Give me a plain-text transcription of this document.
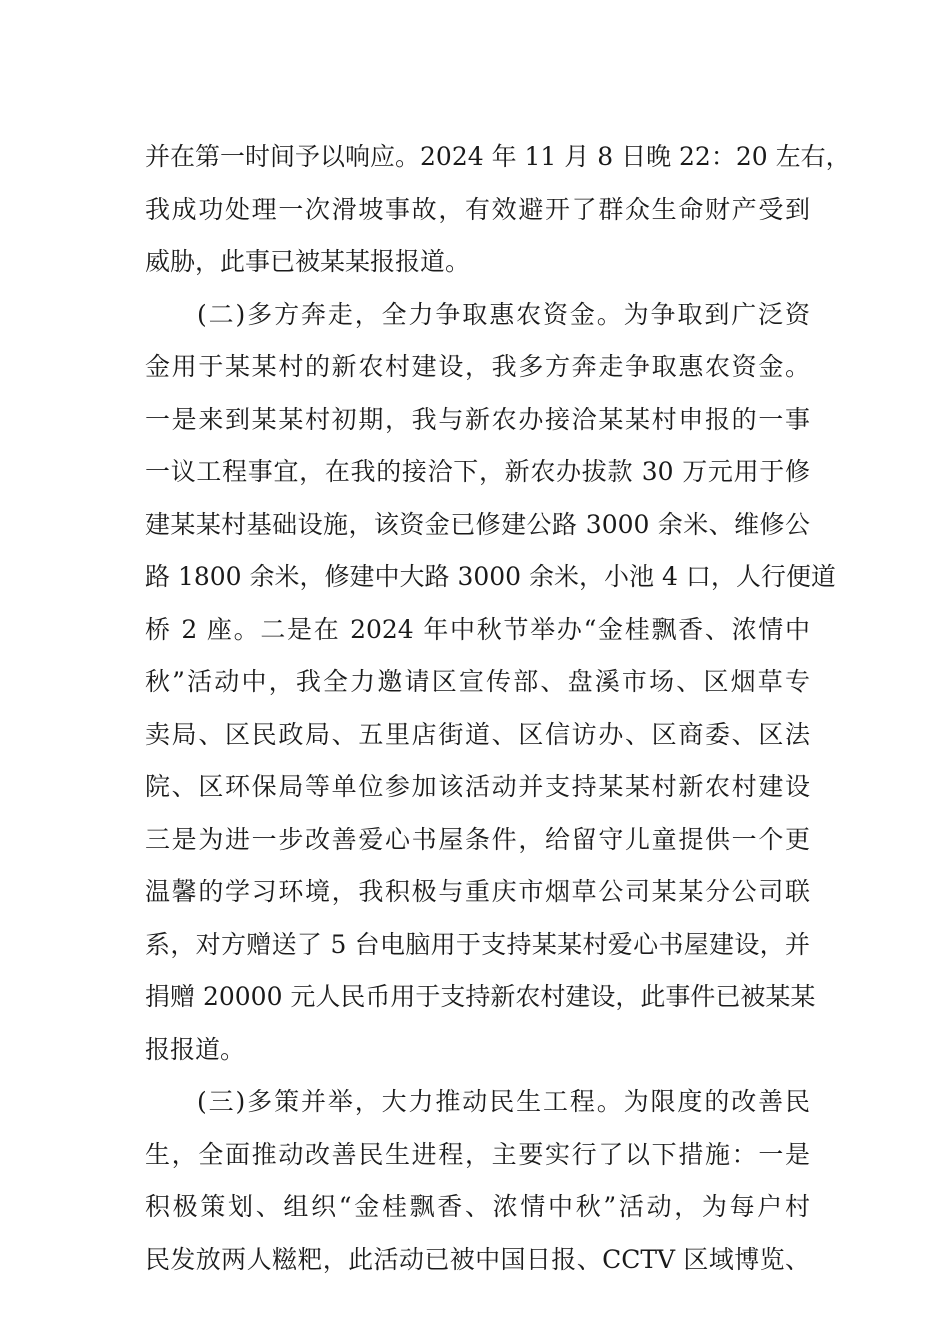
并在第一时间予以响应。2024 年 11 月 8 日晚 22：20 左右，
我成功处理一次滑坡事故，有效避开了群众生命财产受到
威胁，此事已被某某报报道。
(二)多方奔走，全力争取惠农资金。为争取到广泛资
金用于某某村的新农村建设，我多方奔走争取惠农资金。
一是来到某某村初期，我与新农办接洽某某村申报的一事
一议工程事宜，在我的接洽下，新农办拔款 30 万元用于修
建某某村基础设施，该资金已修建公路 3000 余米、维修公
路 1800 余米，修建中大路 3000 余米，小池 4 口，人行便道
桥 2 座。二是在 2024 年中秋节举办“金桂飘香、浓情中
秋”活动中，我全力邀请区宣传部、盘溪市场、区烟草专
卖局、区民政局、五里店街道、区信访办、区商委、区法
院、区环保局等单位参加该活动并支持某某村新农村建设
三是为进一步改善爱心书屋条件，给留守儿童提供一个更
温馨的学习环境，我积极与重庆市烟草公司某某分公司联
系，对方赠送了 5 台电脑用于支持某某村爱心书屋建设，并
捐赠 20000 元人民币用于支持新农村建设，此事件已被某某
报报道。
(三)多策并举，大力推动民生工程。为限度的改善民
生，全面推动改善民生进程，主要实行了以下措施：一是
积极策划、组织“金桂飘香、浓情中秋”活动，为每户村
民发放两人糍粑，此活动已被中国日报、CCTV 区域博览、
